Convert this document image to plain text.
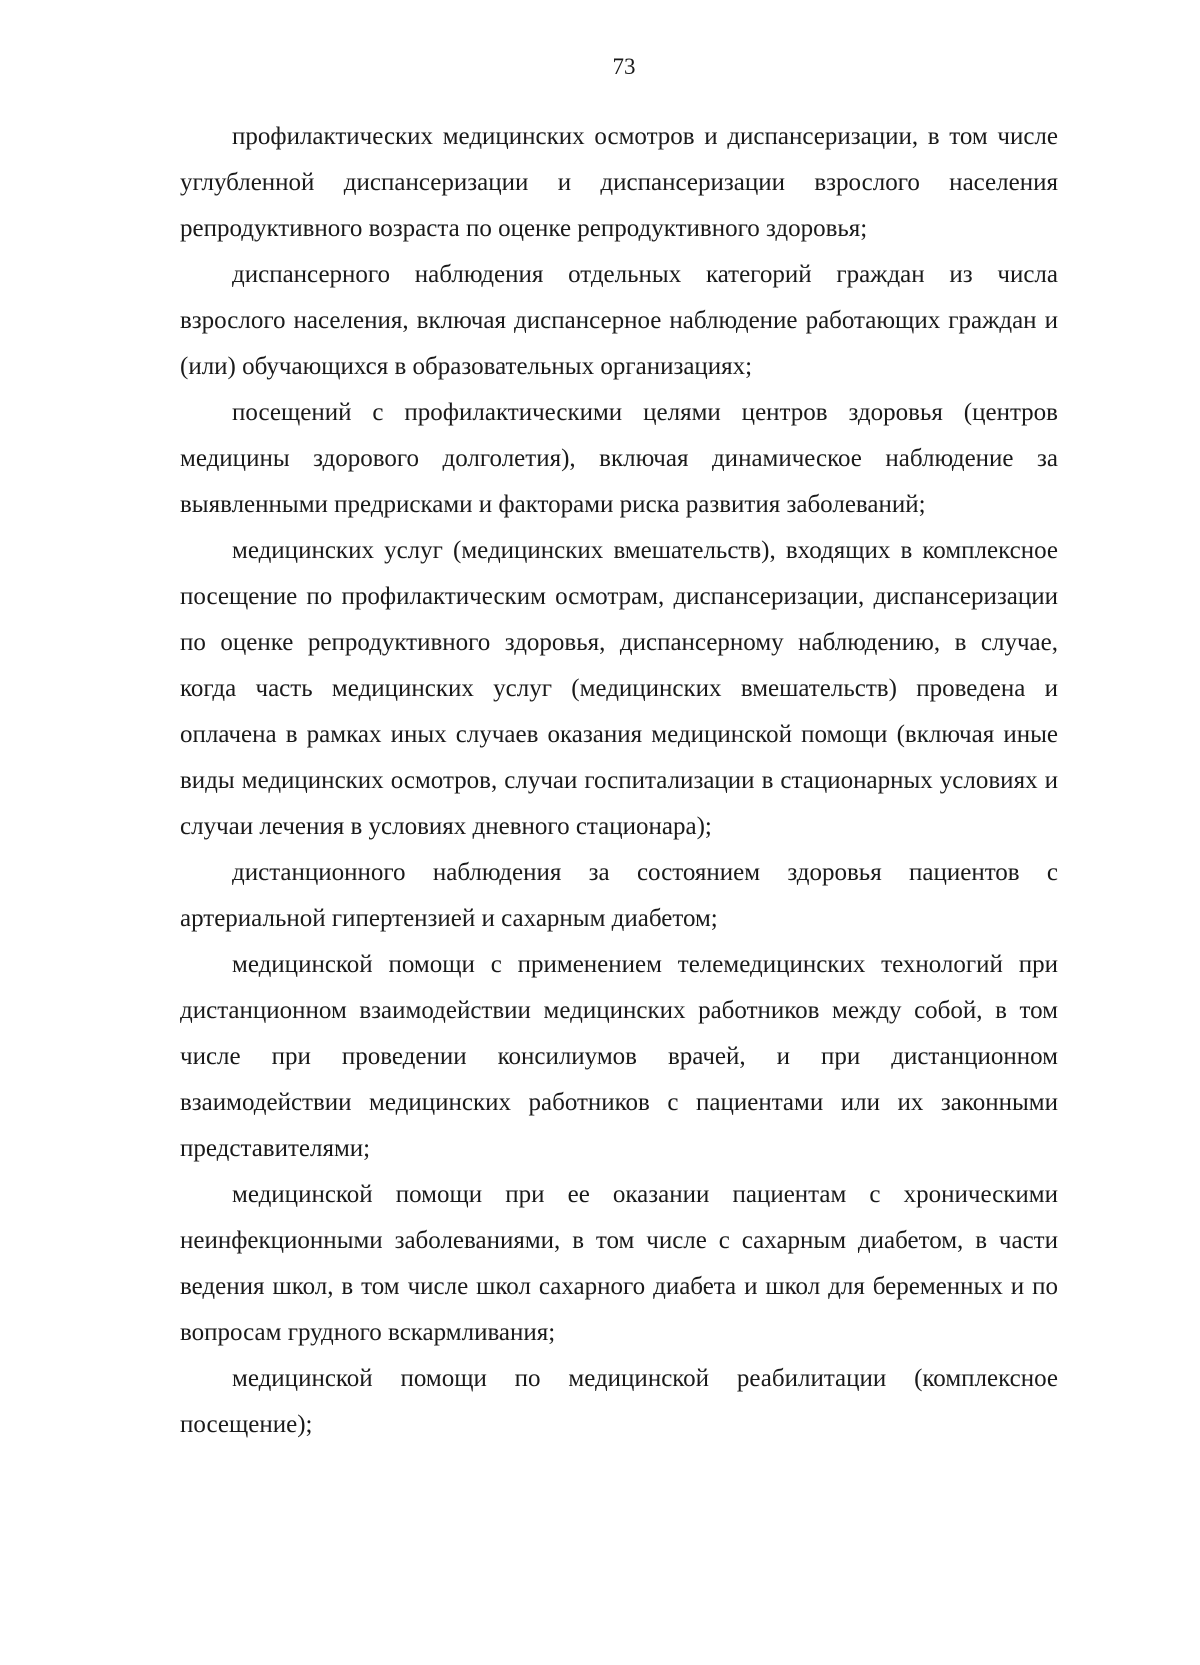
73

профилактических медицинских осмотров и диспансеризации, в том числе углубленной диспансеризации и диспансеризации взрослого населения репродуктивного возраста по оценке репродуктивного здоровья;

диспансерного наблюдения отдельных категорий граждан из числа взрослого населения, включая диспансерное наблюдение работающих граждан и (или) обучающихся в образовательных организациях;

посещений с профилактическими целями центров здоровья (центров медицины здорового долголетия), включая динамическое наблюдение за выявленными предрисками и факторами риска развития заболеваний;

медицинских услуг (медицинских вмешательств), входящих в комплексное посещение по профилактическим осмотрам, диспансеризации, диспансеризации по оценке репродуктивного здоровья, диспансерному наблюдению, в случае, когда часть медицинских услуг (медицинских вмешательств) проведена и оплачена в рамках иных случаев оказания медицинской помощи (включая иные виды медицинских осмотров, случаи госпитализации в стационарных условиях и случаи лечения в условиях дневного стационара);

дистанционного наблюдения за состоянием здоровья пациентов с артериальной гипертензией и сахарным диабетом;

медицинской помощи с применением телемедицинских технологий при дистанционном взаимодействии медицинских работников между собой, в том числе при проведении консилиумов врачей, и при дистанционном взаимодействии медицинских работников с пациентами или их законными представителями;

медицинской помощи при ее оказании пациентам с хроническими неинфекционными заболеваниями, в том числе с сахарным диабетом, в части ведения школ, в том числе школ сахарного диабета и школ для беременных и по вопросам грудного вскармливания;

медицинской помощи по медицинской реабилитации (комплексное посещение);
